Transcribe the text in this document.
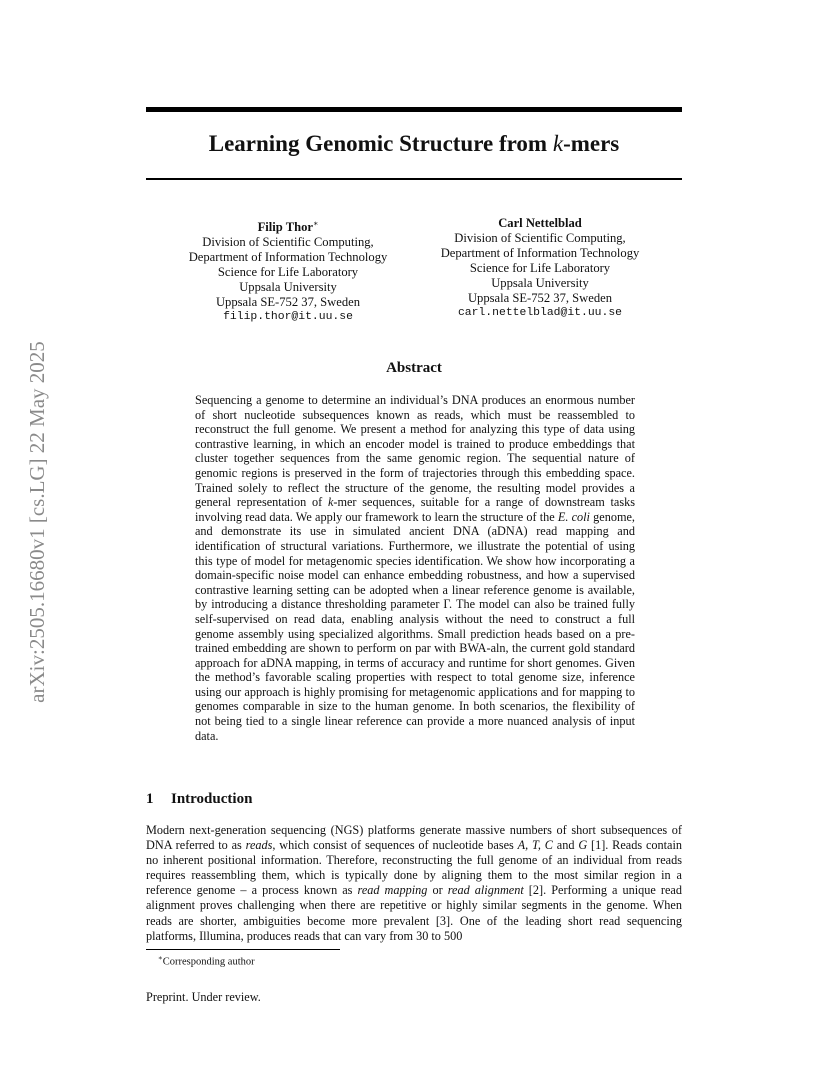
Learning Genomic Structure from k-mers
arXiv:2505.16680v1 [cs.LG] 22 May 2025
Filip Thor∗
Division of Scientific Computing,
Department of Information Technology
Science for Life Laboratory
Uppsala University
Uppsala SE-752 37, Sweden
filip.thor@it.uu.se
Carl Nettelblad
Division of Scientific Computing,
Department of Information Technology
Science for Life Laboratory
Uppsala University
Uppsala SE-752 37, Sweden
carl.nettelblad@it.uu.se
Abstract
Sequencing a genome to determine an individual’s DNA produces an enormous number of short nucleotide subsequences known as reads, which must be reassembled to reconstruct the full genome. We present a method for analyzing this type of data using contrastive learning, in which an encoder model is trained to produce embeddings that cluster together sequences from the same genomic region. The sequential nature of genomic regions is preserved in the form of trajectories through this embedding space. Trained solely to reflect the structure of the genome, the resulting model provides a general representation of k-mer sequences, suitable for a range of downstream tasks involving read data. We apply our framework to learn the structure of the E. coli genome, and demonstrate its use in simulated ancient DNA (aDNA) read mapping and identification of structural variations. Furthermore, we illustrate the potential of using this type of model for metagenomic species identification. We show how incorporating a domain-specific noise model can enhance embedding robustness, and how a supervised contrastive learning setting can be adopted when a linear reference genome is available, by introducing a distance thresholding parameter Γ. The model can also be trained fully self-supervised on read data, enabling analysis without the need to construct a full genome assembly using specialized algorithms. Small prediction heads based on a pre-trained embedding are shown to perform on par with BWA-aln, the current gold standard approach for aDNA mapping, in terms of accuracy and runtime for short genomes. Given the method’s favorable scaling properties with respect to total genome size, inference using our approach is highly promising for metagenomic applications and for mapping to genomes comparable in size to the human genome. In both scenarios, the flexibility of not being tied to a single linear reference can provide a more nuanced analysis of input data.
1 Introduction
Modern next-generation sequencing (NGS) platforms generate massive numbers of short subsequences of DNA referred to as reads, which consist of sequences of nucleotide bases A, T, C and G [1]. Reads contain no inherent positional information. Therefore, reconstructing the full genome of an individual from reads requires reassembling them, which is typically done by aligning them to the most similar region in a reference genome – a process known as read mapping or read alignment [2]. Performing a unique read alignment proves challenging when there are repetitive or highly similar segments in the genome. When reads are shorter, ambiguities become more prevalent [3]. One of the leading short read sequencing platforms, Illumina, produces reads that can vary from 30 to 500
∗Corresponding author
Preprint. Under review.
